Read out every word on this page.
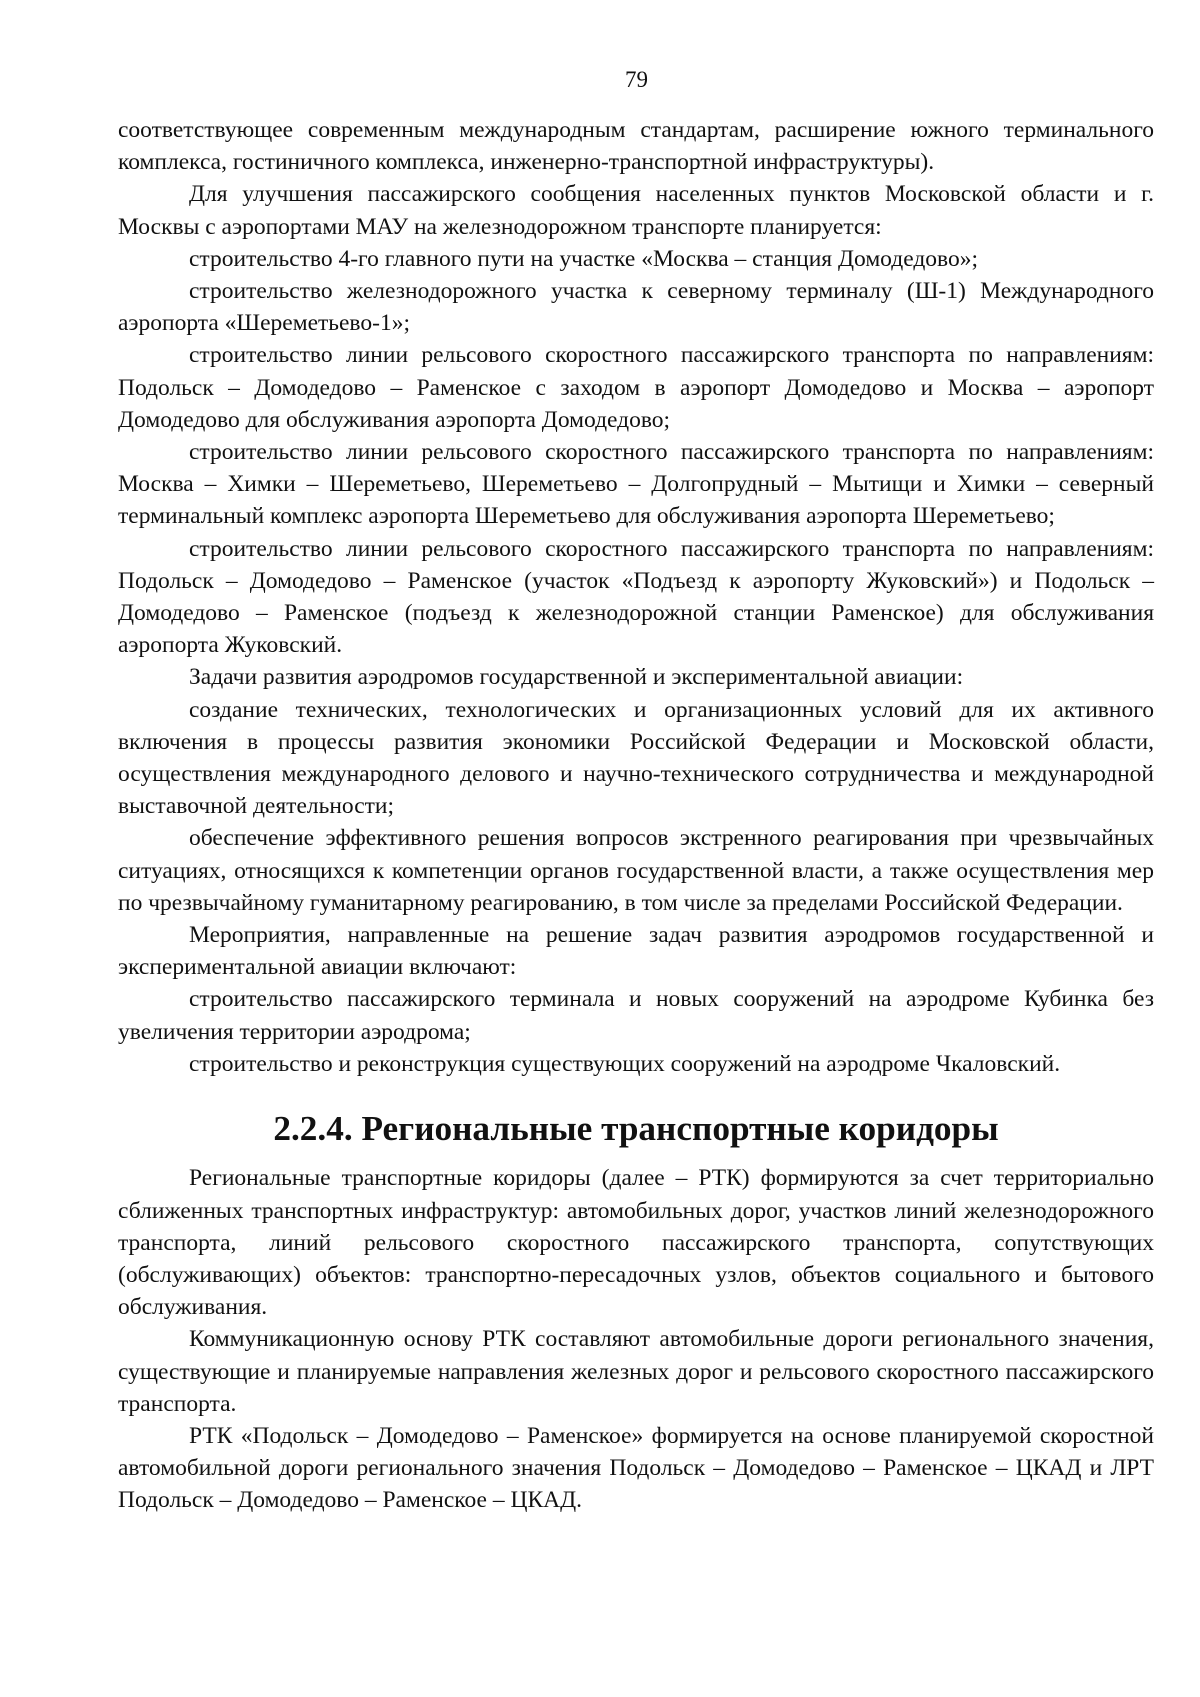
79

соответствующее современным международным стандартам, расширение южного терминального комплекса, гостиничного комплекса, инженерно-транспортной инфраструктуры).

Для улучшения пассажирского сообщения населенных пунктов Московской области и г. Москвы с аэропортами МАУ на железнодорожном транспорте планируется:

строительство 4-го главного пути на участке «Москва – станция Домодедово»;

строительство железнодорожного участка к северному терминалу (Ш-1) Международного аэропорта «Шереметьево-1»;

строительство линии рельсового скоростного пассажирского транспорта по направлениям: Подольск – Домодедово – Раменское с заходом в аэропорт Домодедово и Москва – аэропорт Домодедово для обслуживания аэропорта Домодедово;

строительство линии рельсового скоростного пассажирского транспорта по направлениям: Москва – Химки – Шереметьево, Шереметьево – Долгопрудный – Мытищи и Химки – северный терминальный комплекс аэропорта Шереметьево для обслуживания аэропорта Шереметьево;

строительство линии рельсового скоростного пассажирского транспорта по направлениям: Подольск – Домодедово – Раменское (участок «Подъезд к аэропорту Жуковский») и Подольск – Домодедово – Раменское (подъезд к железнодорожной станции Раменское) для обслуживания аэропорта Жуковский.

Задачи развития аэродромов государственной и экспериментальной авиации:

создание технических, технологических и организационных условий для их активного включения в процессы развития экономики Российской Федерации и Московской области, осуществления международного делового и научно-технического сотрудничества и международной выставочной деятельности;

обеспечение эффективного решения вопросов экстренного реагирования при чрезвычайных ситуациях, относящихся к компетенции органов государственной власти, а также осуществления мер по чрезвычайному гуманитарному реагированию, в том числе за пределами Российской Федерации.

Мероприятия, направленные на решение задач развития аэродромов государственной и экспериментальной авиации включают:

строительство пассажирского терминала и новых сооружений на аэродроме Кубинка без увеличения территории аэродрома;

строительство и реконструкция существующих сооружений на аэродроме Чкаловский.

2.2.4. Региональные транспортные коридоры

Региональные транспортные коридоры (далее – РТК) формируются за счет территориально сближенных транспортных инфраструктур: автомобильных дорог, участков линий железнодорожного транспорта, линий рельсового скоростного пассажирского транспорта, сопутствующих (обслуживающих) объектов: транспортно-пересадочных узлов, объектов социального и бытового обслуживания.

Коммуникационную основу РТК составляют автомобильные дороги регионального значения, существующие и планируемые направления железных дорог и рельсового скоростного пассажирского транспорта.

РТК «Подольск – Домодедово – Раменское» формируется на основе планируемой скоростной автомобильной дороги регионального значения Подольск – Домодедово – Раменское – ЦКАД и ЛРТ Подольск – Домодедово – Раменское – ЦКАД.
